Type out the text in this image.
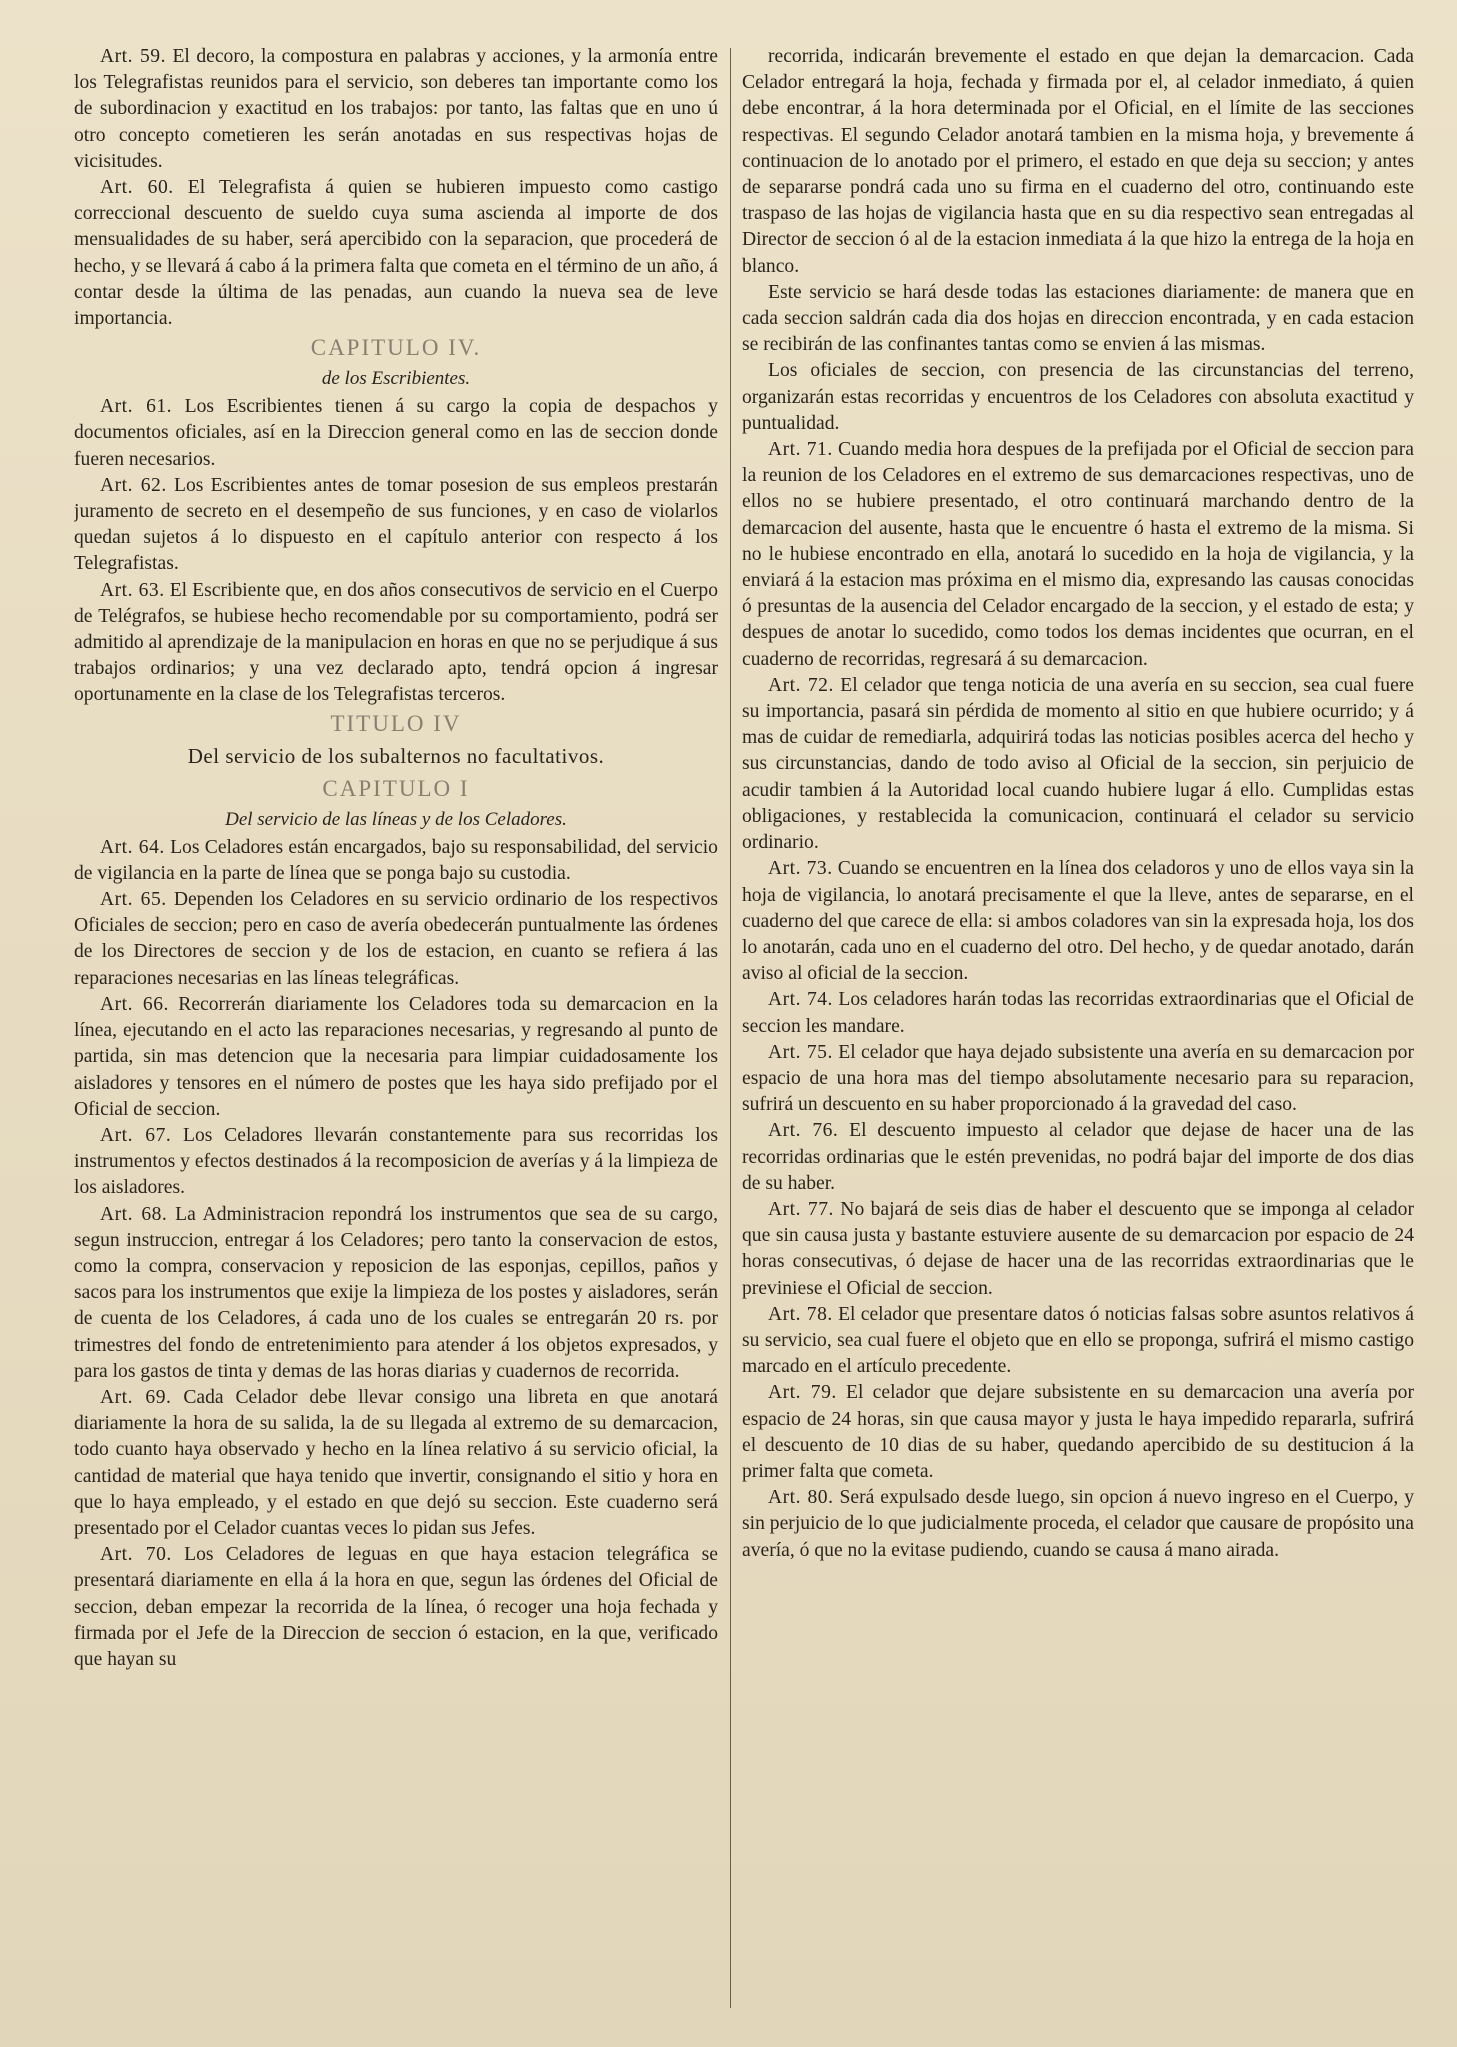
Art. 59. El decoro, la compostura en palabras y acciones, y la armonía entre los Telegrafistas reunidos para el servicio, son deberes tan importante como los de subordinacion y exactitud en los trabajos: por tanto, las faltas que en uno ú otro concepto cometieren les serán anotadas en sus respectivas hojas de vicisitudes.

Art. 60. El Telegrafista á quien se hubieren impuesto como castigo correccional descuento de sueldo cuya suma ascienda al importe de dos mensualidades de su haber, será apercibido con la separacion, que procederá de hecho, y se llevará á cabo á la primera falta que cometa en el término de un año, á contar desde la última de las penadas, aun cuando la nueva sea de leve importancia.

CAPITULO IV.
de los Escribientes.

Art. 61. Los Escribientes tienen á su cargo la copia de despachos y documentos oficiales, así en la Direccion general como en las de seccion donde fueren necesarios.

Art. 62. Los Escribientes antes de tomar posesion de sus empleos prestarán juramento de secreto en el desempeño de sus funciones, y en caso de violarlos quedan sujetos á lo dispuesto en el capítulo anterior con respecto á los Telegrafistas.

Art. 63. El Escribiente que, en dos años consecutivos de servicio en el Cuerpo de Telégrafos, se hubiese hecho recomendable por su comportamiento, podrá ser admitido al aprendizaje de la manipulacion en horas en que no se perjudique á sus trabajos ordinarios; y una vez declarado apto, tendrá opcion á ingresar oportunamente en la clase de los Telegrafistas terceros.

TITULO IV
Del servicio de los subalternos no facultativos.
CAPITULO I
Del servicio de las líneas y de los Celadores.

Art. 64. Los Celadores están encargados, bajo su responsabilidad, del servicio de vigilancia en la parte de línea que se ponga bajo su custodia.

Art. 65. Dependen los Celadores en su servicio ordinario de los respectivos Oficiales de seccion; pero en caso de avería obedecerán puntualmente las órdenes de los Directores de seccion y de los de estacion, en cuanto se refiera á las reparaciones necesarias en las líneas telegráficas.

Art. 66. Recorrerán diariamente los Celadores toda su demarcacion en la línea, ejecutando en el acto las reparaciones necesarias, y regresando al punto de partida, sin mas detencion que la necesaria para limpiar cuidadosamente los aisladores y tensores en el número de postes que les haya sido prefijado por el Oficial de seccion.

Art. 67. Los Celadores llevarán constantemente para sus recorridas los instrumentos y efectos destinados á la recomposicion de averías y á la limpieza de los aisladores.

Art. 68. La Administracion repondrá los instrumentos que sea de su cargo, segun instruccion, entregar á los Celadores; pero tanto la conservacion de estos, como la compra, conservacion y reposicion de las esponjas, cepillos, paños y sacos para los instrumentos que exije la limpieza de los postes y aisladores, serán de cuenta de los Celadores, á cada uno de los cuales se entregarán 20 rs. por trimestres del fondo de entretenimiento para atender á los objetos expresados, y para los gastos de tinta y demas de las horas diarias y cuadernos de recorrida.

Art. 69. Cada Celador debe llevar consigo una libreta en que anotará diariamente la hora de su salida, la de su llegada al extremo de su demarcacion, todo cuanto haya observado y hecho en la línea relativo á su servicio oficial, la cantidad de material que haya tenido que invertir, consignando el sitio y hora en que lo haya empleado, y el estado en que dejó su seccion. Este cuaderno será presentado por el Celador cuantas veces lo pidan sus Jefes.

Art. 70. Los Celadores de leguas en que haya estacion telegráfica se presentará diariamente en ella á la hora en que, segun las órdenes del Oficial de seccion, deban empezar la recorrida de la línea, ó recoger una hoja fechada y firmada por el Jefe de la Direccion de seccion ó estacion, en la que, verificado que hayan su

recorrida, indicarán brevemente el estado en que dejan la demarcacion. Cada Celador entregará la hoja, fechada y firmada por el, al celador inmediato, á quien debe encontrar, á la hora determinada por el Oficial, en el límite de las secciones respectivas. El segundo Celador anotará tambien en la misma hoja, y brevemente á continuacion de lo anotado por el primero, el estado en que deja su seccion; y antes de separarse pondrá cada uno su firma en el cuaderno del otro, continuando este traspaso de las hojas de vigilancia hasta que en su dia respectivo sean entregadas al Director de seccion ó al de la estacion inmediata á la que hizo la entrega de la hoja en blanco.

Este servicio se hará desde todas las estaciones diariamente: de manera que en cada seccion saldrán cada dia dos hojas en direccion encontrada, y en cada estacion se recibirán de las confinantes tantas como se envien á las mismas.

Los oficiales de seccion, con presencia de las circunstancias del terreno, organizarán estas recorridas y encuentros de los Celadores con absoluta exactitud y puntualidad.

Art. 71. Cuando media hora despues de la prefijada por el Oficial de seccion para la reunion de los Celadores en el extremo de sus demarcaciones respectivas, uno de ellos no se hubiere presentado, el otro continuará marchando dentro de la demarcacion del ausente, hasta que le encuentre ó hasta el extremo de la misma. Si no le hubiese encontrado en ella, anotará lo sucedido en la hoja de vigilancia, y la enviará á la estacion mas próxima en el mismo dia, expresando las causas conocidas ó presuntas de la ausencia del Celador encargado de la seccion, y el estado de esta; y despues de anotar lo sucedido, como todos los demas incidentes que ocurran, en el cuaderno de recorridas, regresará á su demarcacion.

Art. 72. El celador que tenga noticia de una avería en su seccion, sea cual fuere su importancia, pasará sin pérdida de momento al sitio en que hubiere ocurrido; y á mas de cuidar de remediarla, adquirirá todas las noticias posibles acerca del hecho y sus circunstancias, dando de todo aviso al Oficial de la seccion, sin perjuicio de acudir tambien á la Autoridad local cuando hubiere lugar á ello. Cumplidas estas obligaciones, y restablecida la comunicacion, continuará el celador su servicio ordinario.

Art. 73. Cuando se encuentren en la línea dos celadoros y uno de ellos vaya sin la hoja de vigilancia, lo anotará precisamente el que la lleve, antes de separarse, en el cuaderno del que carece de ella: si ambos coladores van sin la expresada hoja, los dos lo anotarán, cada uno en el cuaderno del otro. Del hecho, y de quedar anotado, darán aviso al oficial de la seccion.

Art. 74. Los celadores harán todas las recorridas extraordinarias que el Oficial de seccion les mandare.

Art. 75. El celador que haya dejado subsistente una avería en su demarcacion por espacio de una hora mas del tiempo absolutamente necesario para su reparacion, sufrirá un descuento en su haber proporcionado á la gravedad del caso.

Art. 76. El descuento impuesto al celador que dejase de hacer una de las recorridas ordinarias que le estén prevenidas, no podrá bajar del importe de dos dias de su haber.

Art. 77. No bajará de seis dias de haber el descuento que se imponga al celador que sin causa justa y bastante estuviere ausente de su demarcacion por espacio de 24 horas consecutivas, ó dejase de hacer una de las recorridas extraordinarias que le previniese el Oficial de seccion.

Art. 78. El celador que presentare datos ó noticias falsas sobre asuntos relativos á su servicio, sea cual fuere el objeto que en ello se proponga, sufrirá el mismo castigo marcado en el artículo precedente.

Art. 79. El celador que dejare subsistente en su demarcacion una avería por espacio de 24 horas, sin que causa mayor y justa le haya impedido repararla, sufrirá el descuento de 10 dias de su haber, quedando apercibido de su destitucion á la primer falta que cometa.

Art. 80. Será expulsado desde luego, sin opcion á nuevo ingreso en el Cuerpo, y sin perjuicio de lo que judicialmente proceda, el celador que causare de propósito una avería, ó que no la evitase pudiendo, cuando se causa á mano airada.
